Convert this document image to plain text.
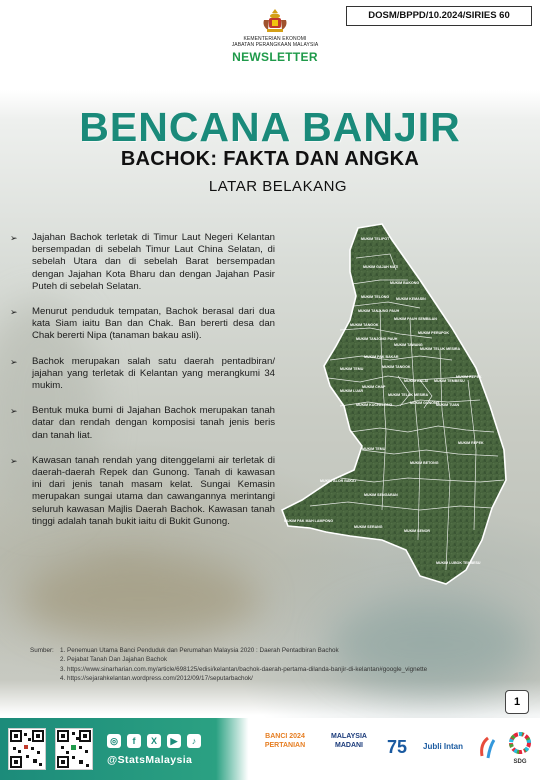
KEMENTERIAN EKONOMI
JABATAN PERANGKAAN MALAYSIA
NEWSLETTER
DOSM/BPPD/10.2024/SIRIES 60
BENCANA BANJIR
BACHOK: FAKTA DAN ANGKA
LATAR BELAKANG
➢ Jajahan Bachok terletak di Timur Laut Negeri Kelantan bersempadan di sebelah Timur Laut China Selatan, di sebelah Utara dan di sebelah Barat bersempadan dengan Jajahan Kota Bharu dan dengan Jajahan Pasir Puteh di sebelah Selatan.
➢ Menurut penduduk tempatan, Bachok berasal dari dua kata Siam iaitu Ban dan Chak. Ban bererti desa dan Chak bererti Nipa (tanaman bakau asli).
➢ Bachok merupakan salah satu daerah pentadbiran/ jajahan yang terletak di Kelantan yang merangkumi 34 mukim.
➢ Bentuk muka bumi di Jajahan Bachok merupakan tanah datar dan rendah dengan komposisi tanah jenis beris dan tanah liat.
➢ Kawasan tanah rendah yang ditenggelami air terletak di daerah-daerah Repek dan Gunong. Tanah di kawasan ini dari jenis tanah masam kelat. Sungai Kemasin merupakan sungai utama dan cawangannya merintangi seluruh kawasan Majlis Daerah Bachok. Kawasan tanah tinggi adalah tanah bukit iaitu di Bukit Gunong.
MUKIM TELIPOT
MUKIM GAJAH MATI
MUKIM BAKONG
MUKIM TELONG MUKIM KEMASIN
MUKIM TANJUNG PAUH
MUKIM PAUH SEMBILAN
MUKIM PERUPOK
MUKIM TANGOK
MUKIM TANJONG PAUH
MUKIM TAWANG
MUKIM TELUK MESIRA
MUKIM PAK BAKAR
MUKIM TEMU	MUKIM TANGOK
MUKIM CHAP
MUKIM BALAI MUKIM TEMBESU
MUKIM REPEK
MUKIM LUAR
MUKIM TELUK MESIRA
MUKIM KUCHELONG	MUKIM GUNONG
MUKIM TUAN
MUKIM REPEK
MUKIM TEMU
MUKIM BETONG
MUKIM ALOR BAKAT
MUKIM SENGARAN
MUKIM PAK MAH LAMPONG
MUKIM SERANG
MUKIM SENOR
MUKIM LUBOK TEMBESU
Sumber: 1. Penemuan Utama Banci Penduduk dan Perumahan Malaysia 2020 : Daerah Pentadbiran Bachok
2. Pejabat Tanah Dan Jajahan Bachok
3. https://www.sinarharian.com.my/article/698125/edisi/kelantan/bachok-daerah-pertama-dilanda-banjir-di-kelantan#google_vignette
4. https://sejarahkelantan.wordpress.com/2012/09/17/seputarbachok/
1
◎	f	X	▶	♪
@StatsMalaysia
BANCI 2024 PERTANIAN
MALAYSIA MADANI	75	Jubli Intan
SDG
